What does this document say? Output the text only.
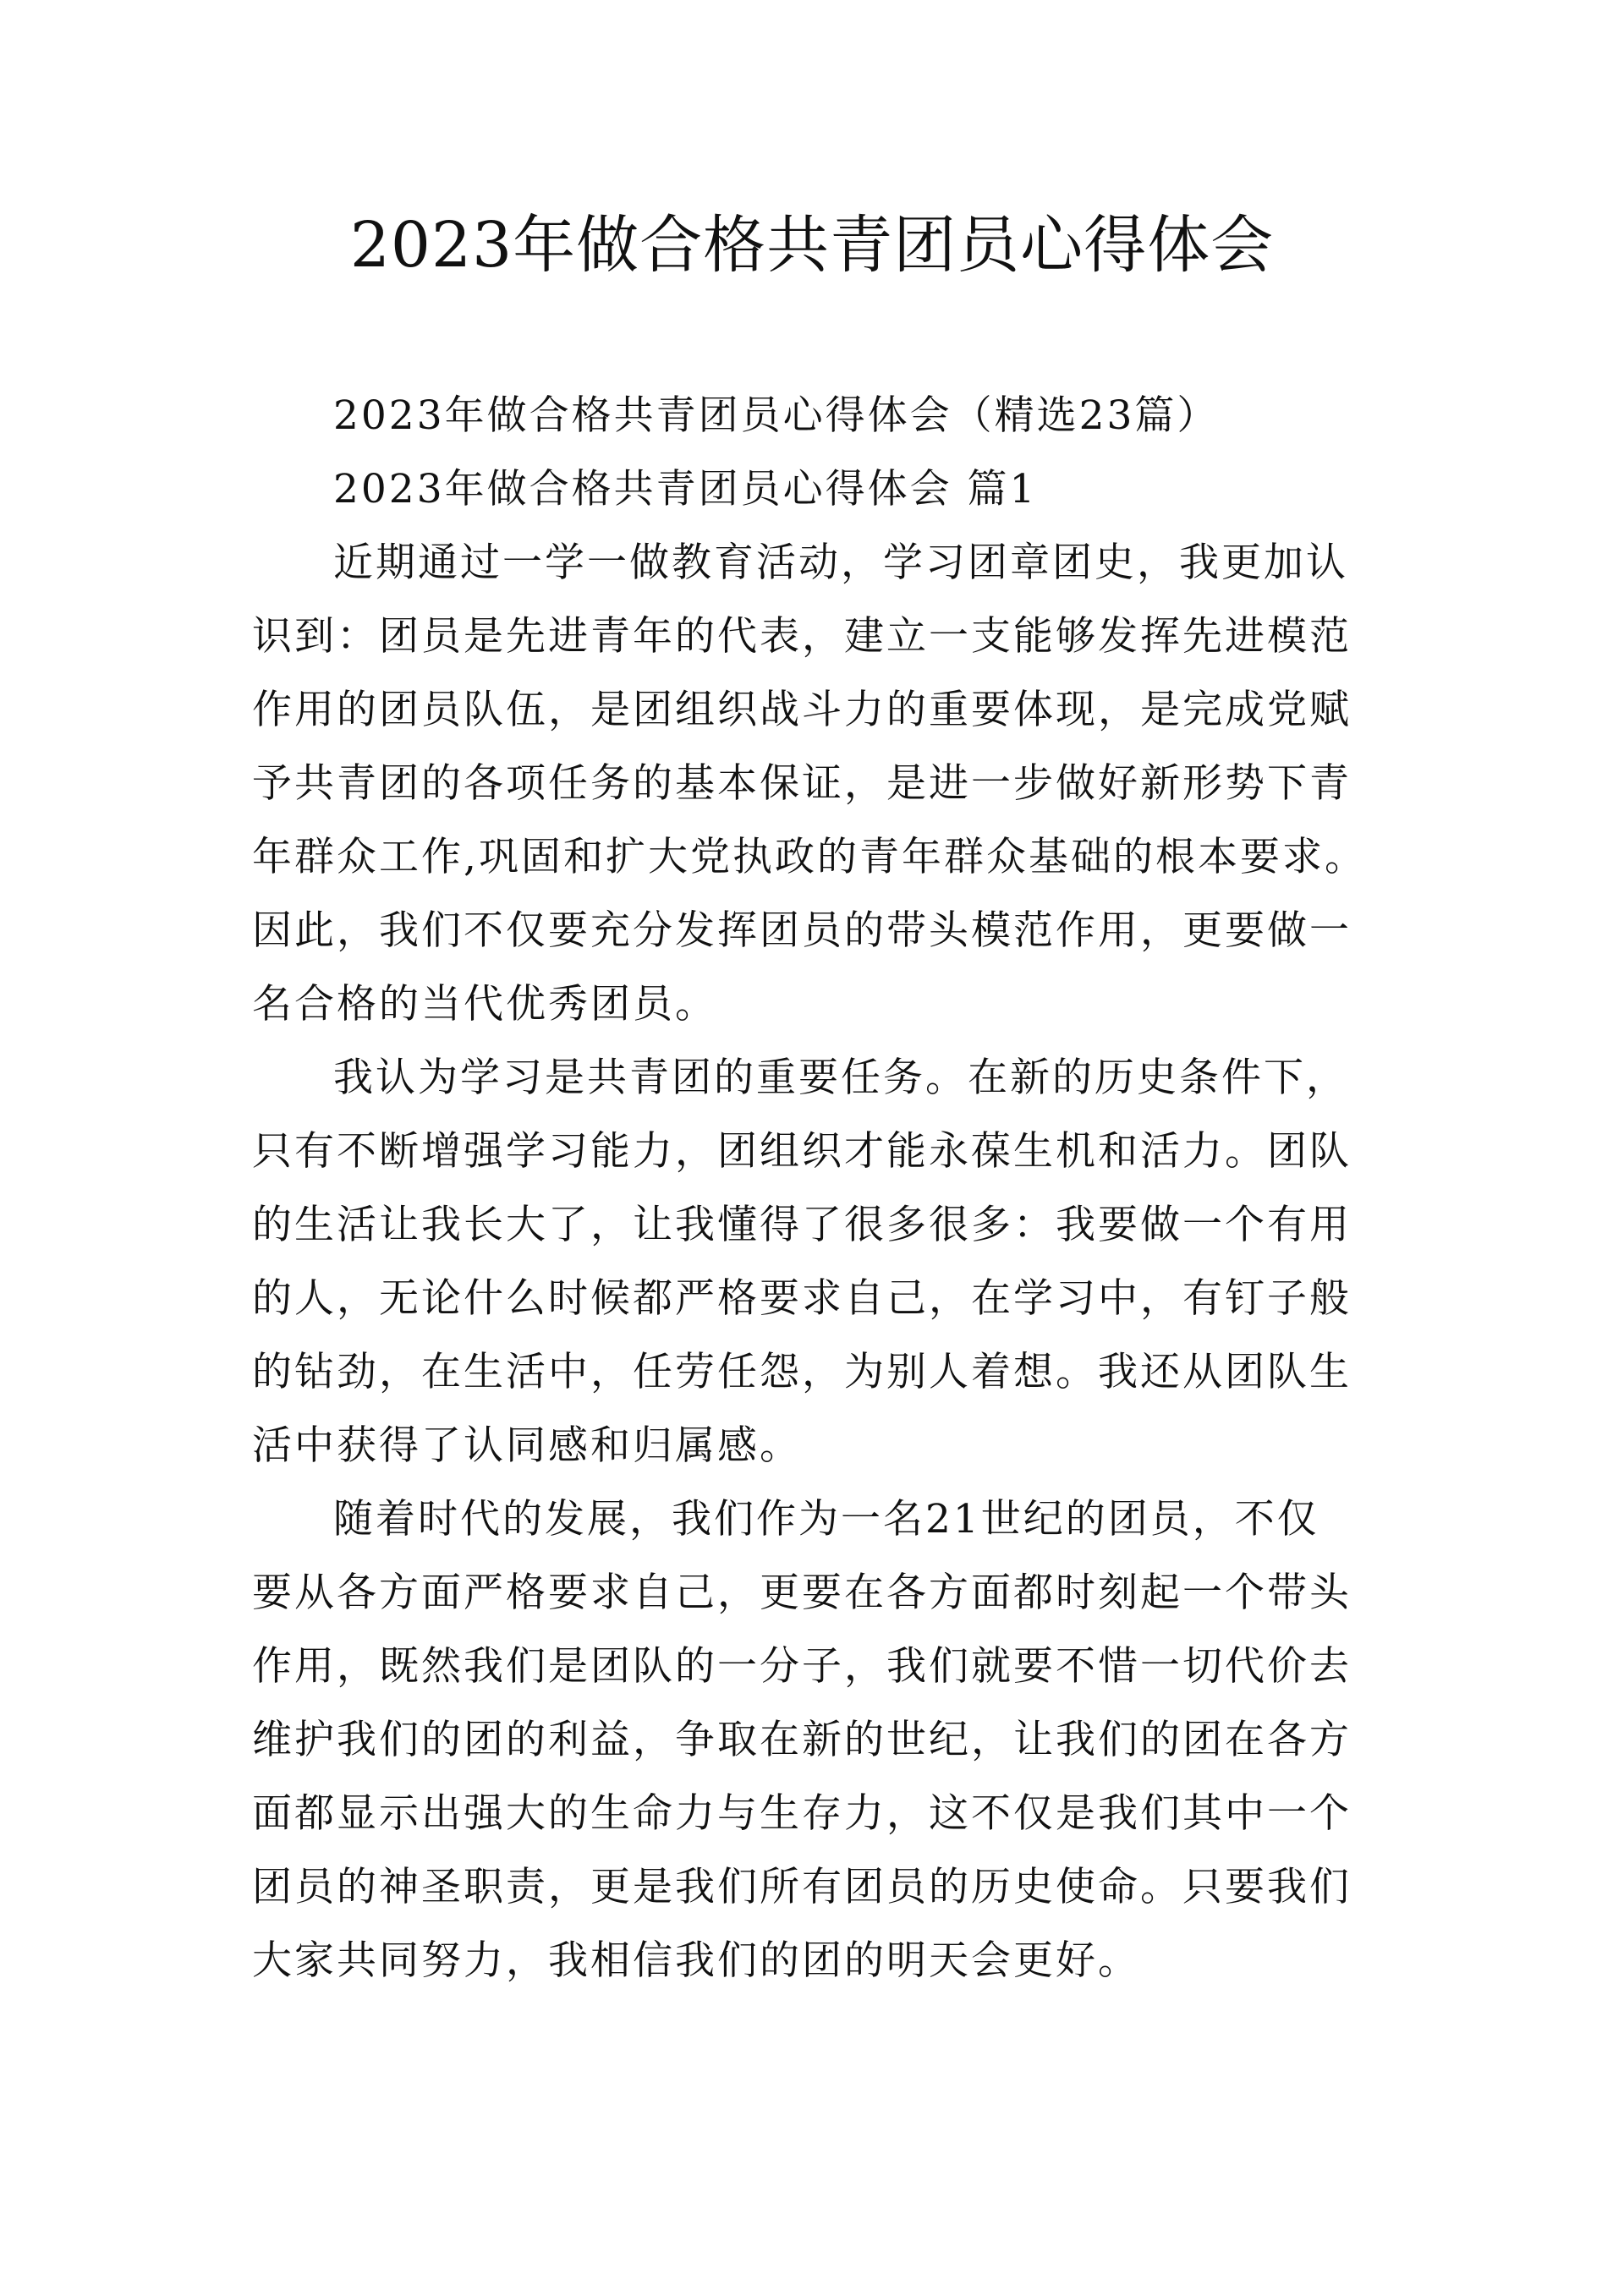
2023年做合格共青团员心得体会
2023年做合格共青团员心得体会（精选23篇）
2023年做合格共青团员心得体会 篇1
近期通过一学一做教育活动，学习团章团史，我更加认
识到：团员是先进青年的代表，建立一支能够发挥先进模范
作用的团员队伍，是团组织战斗力的重要体现，是完成党赋
予共青团的各项任务的基本保证，是进一步做好新形势下青
年群众工作,巩固和扩大党执政的青年群众基础的根本要求。
因此，我们不仅要充分发挥团员的带头模范作用，更要做一
名合格的当代优秀团员。
我认为学习是共青团的重要任务。在新的历史条件下，
只有不断增强学习能力，团组织才能永葆生机和活力。团队
的生活让我长大了，让我懂得了很多很多：我要做一个有用
的人，无论什么时候都严格要求自己，在学习中，有钉子般
的钻劲，在生活中，任劳任怨，为别人着想。我还从团队生
活中获得了认同感和归属感。
随着时代的发展，我们作为一名21世纪的团员，不仅
要从各方面严格要求自己，更要在各方面都时刻起一个带头
作用，既然我们是团队的一分子，我们就要不惜一切代价去
维护我们的团的利益，争取在新的世纪，让我们的团在各方
面都显示出强大的生命力与生存力，这不仅是我们其中一个
团员的神圣职责，更是我们所有团员的历史使命。只要我们
大家共同努力，我相信我们的团的明天会更好。
